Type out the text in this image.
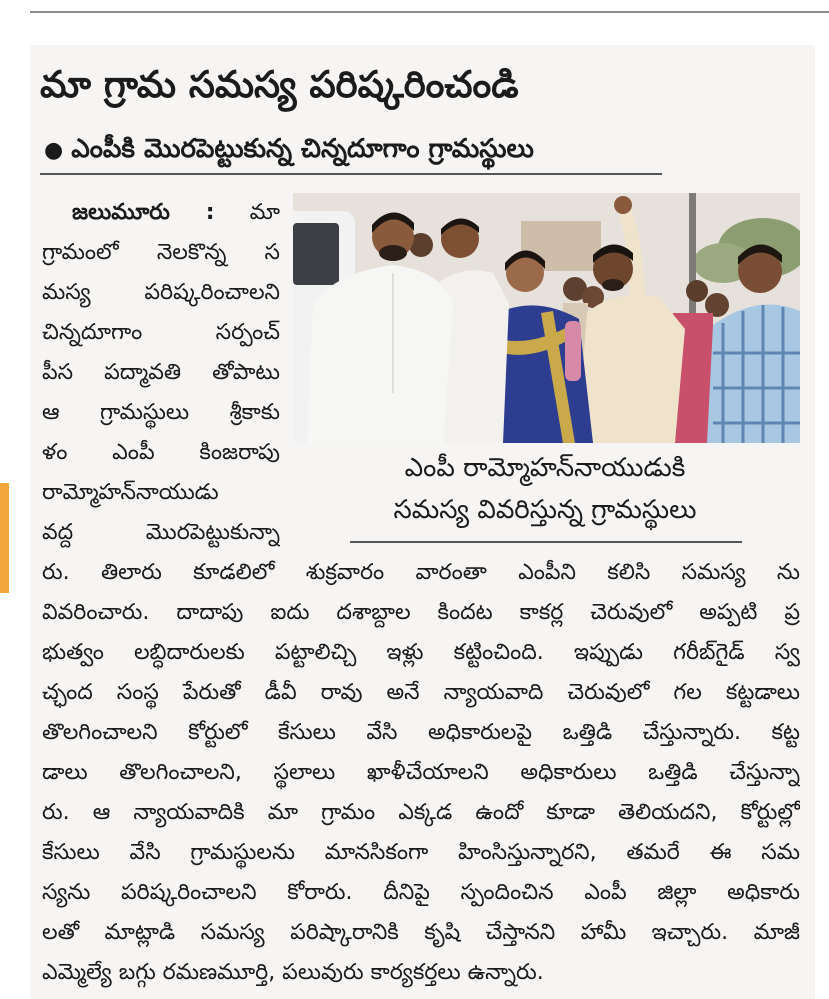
మా గ్రామ సమస్య పరిష్కరించండి
● ఎంపీకి మొరపెట్టుకున్న చిన్నదూగాం గ్రామస్థులు
జలుమూరు : మా
గ్రామంలో నెలకొన్న స
మస్య పరిష్కరించాలని
చిన్నదూగాం సర్పంచ్
పీస పద్మావతి తోపాటు
ఆ గ్రామస్థులు శ్రీకాకు
ళం ఎంపీ కింజరాపు
రామ్మోహన్‌నాయుడు
వద్ద మొరపెట్టుకున్నా
ఎంపీ రామ్మోహన్‌నాయుడుకి
సమస్య వివరిస్తున్న గ్రామస్థులు
రు. తిలారు కూడలిలో శుక్రవారం వారంతా ఎంపీని కలిసి సమస్య ను
వివరించారు. దాదాపు ఐదు దశాబ్దాల కిందట కాకర్ల చెరువులో అప్పటి ప్ర
భుత్వం లబ్ధిదారులకు పట్టాలిచ్చి ఇళ్లు కట్టించింది. ఇప్పుడు గరీబ్‌గైడ్ స్వ
చ్ఛంద సంస్థ పేరుతో డీవీ రావు అనే న్యాయవాది చెరువులో గల కట్టడాలు
తొలగించాలని కోర్టులో కేసులు వేసి అధికారులపై ఒత్తిడి చేస్తున్నారు. కట్ట
డాలు తొలగించాలని, స్థలాలు ఖాళీచేయాలని అధికారులు ఒత్తిడి చేస్తున్నా
రు. ఆ న్యాయవాదికి మా గ్రామం ఎక్కడ ఉందో కూడా తెలియదని, కోర్టుల్లో
కేసులు వేసి గ్రామస్థులను మానసికంగా హింసిస్తున్నారని, తమరే ఈ సమ
స్యను పరిష్కరించాలని కోరారు. దీనిపై స్పందించిన ఎంపీ జిల్లా అధికారు
లతో మాట్లాడి సమస్య పరిష్కారానికి కృషి చేస్తానని హామీ ఇచ్చారు. మాజీ
ఎమ్మెల్యే బగ్గు రమణమూర్తి, పలువురు కార్యకర్తలు ఉన్నారు.
